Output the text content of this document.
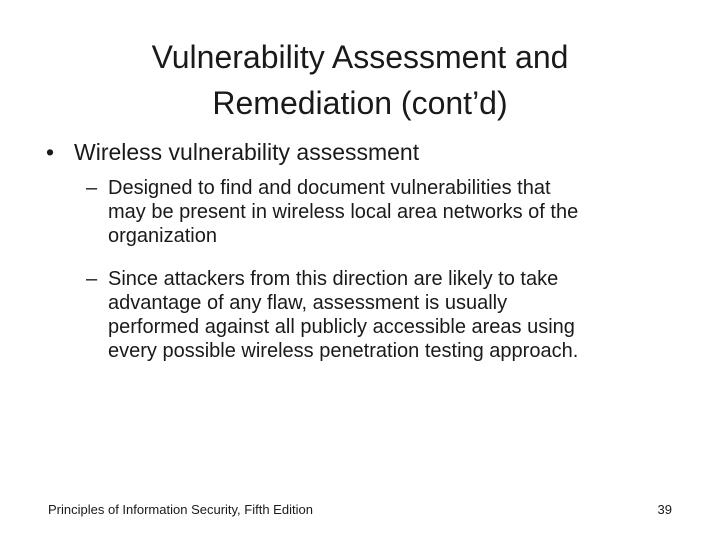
Vulnerability Assessment and
Remediation (cont’d)
• Wireless vulnerability assessment
– Designed to find and document vulnerabilities that
may be present in wireless local area networks of the
organization
– Since attackers from this direction are likely to take
advantage of any flaw, assessment is usually
performed against all publicly accessible areas using
every possible wireless penetration testing approach.
Principles of Information Security, Fifth Edition	39
